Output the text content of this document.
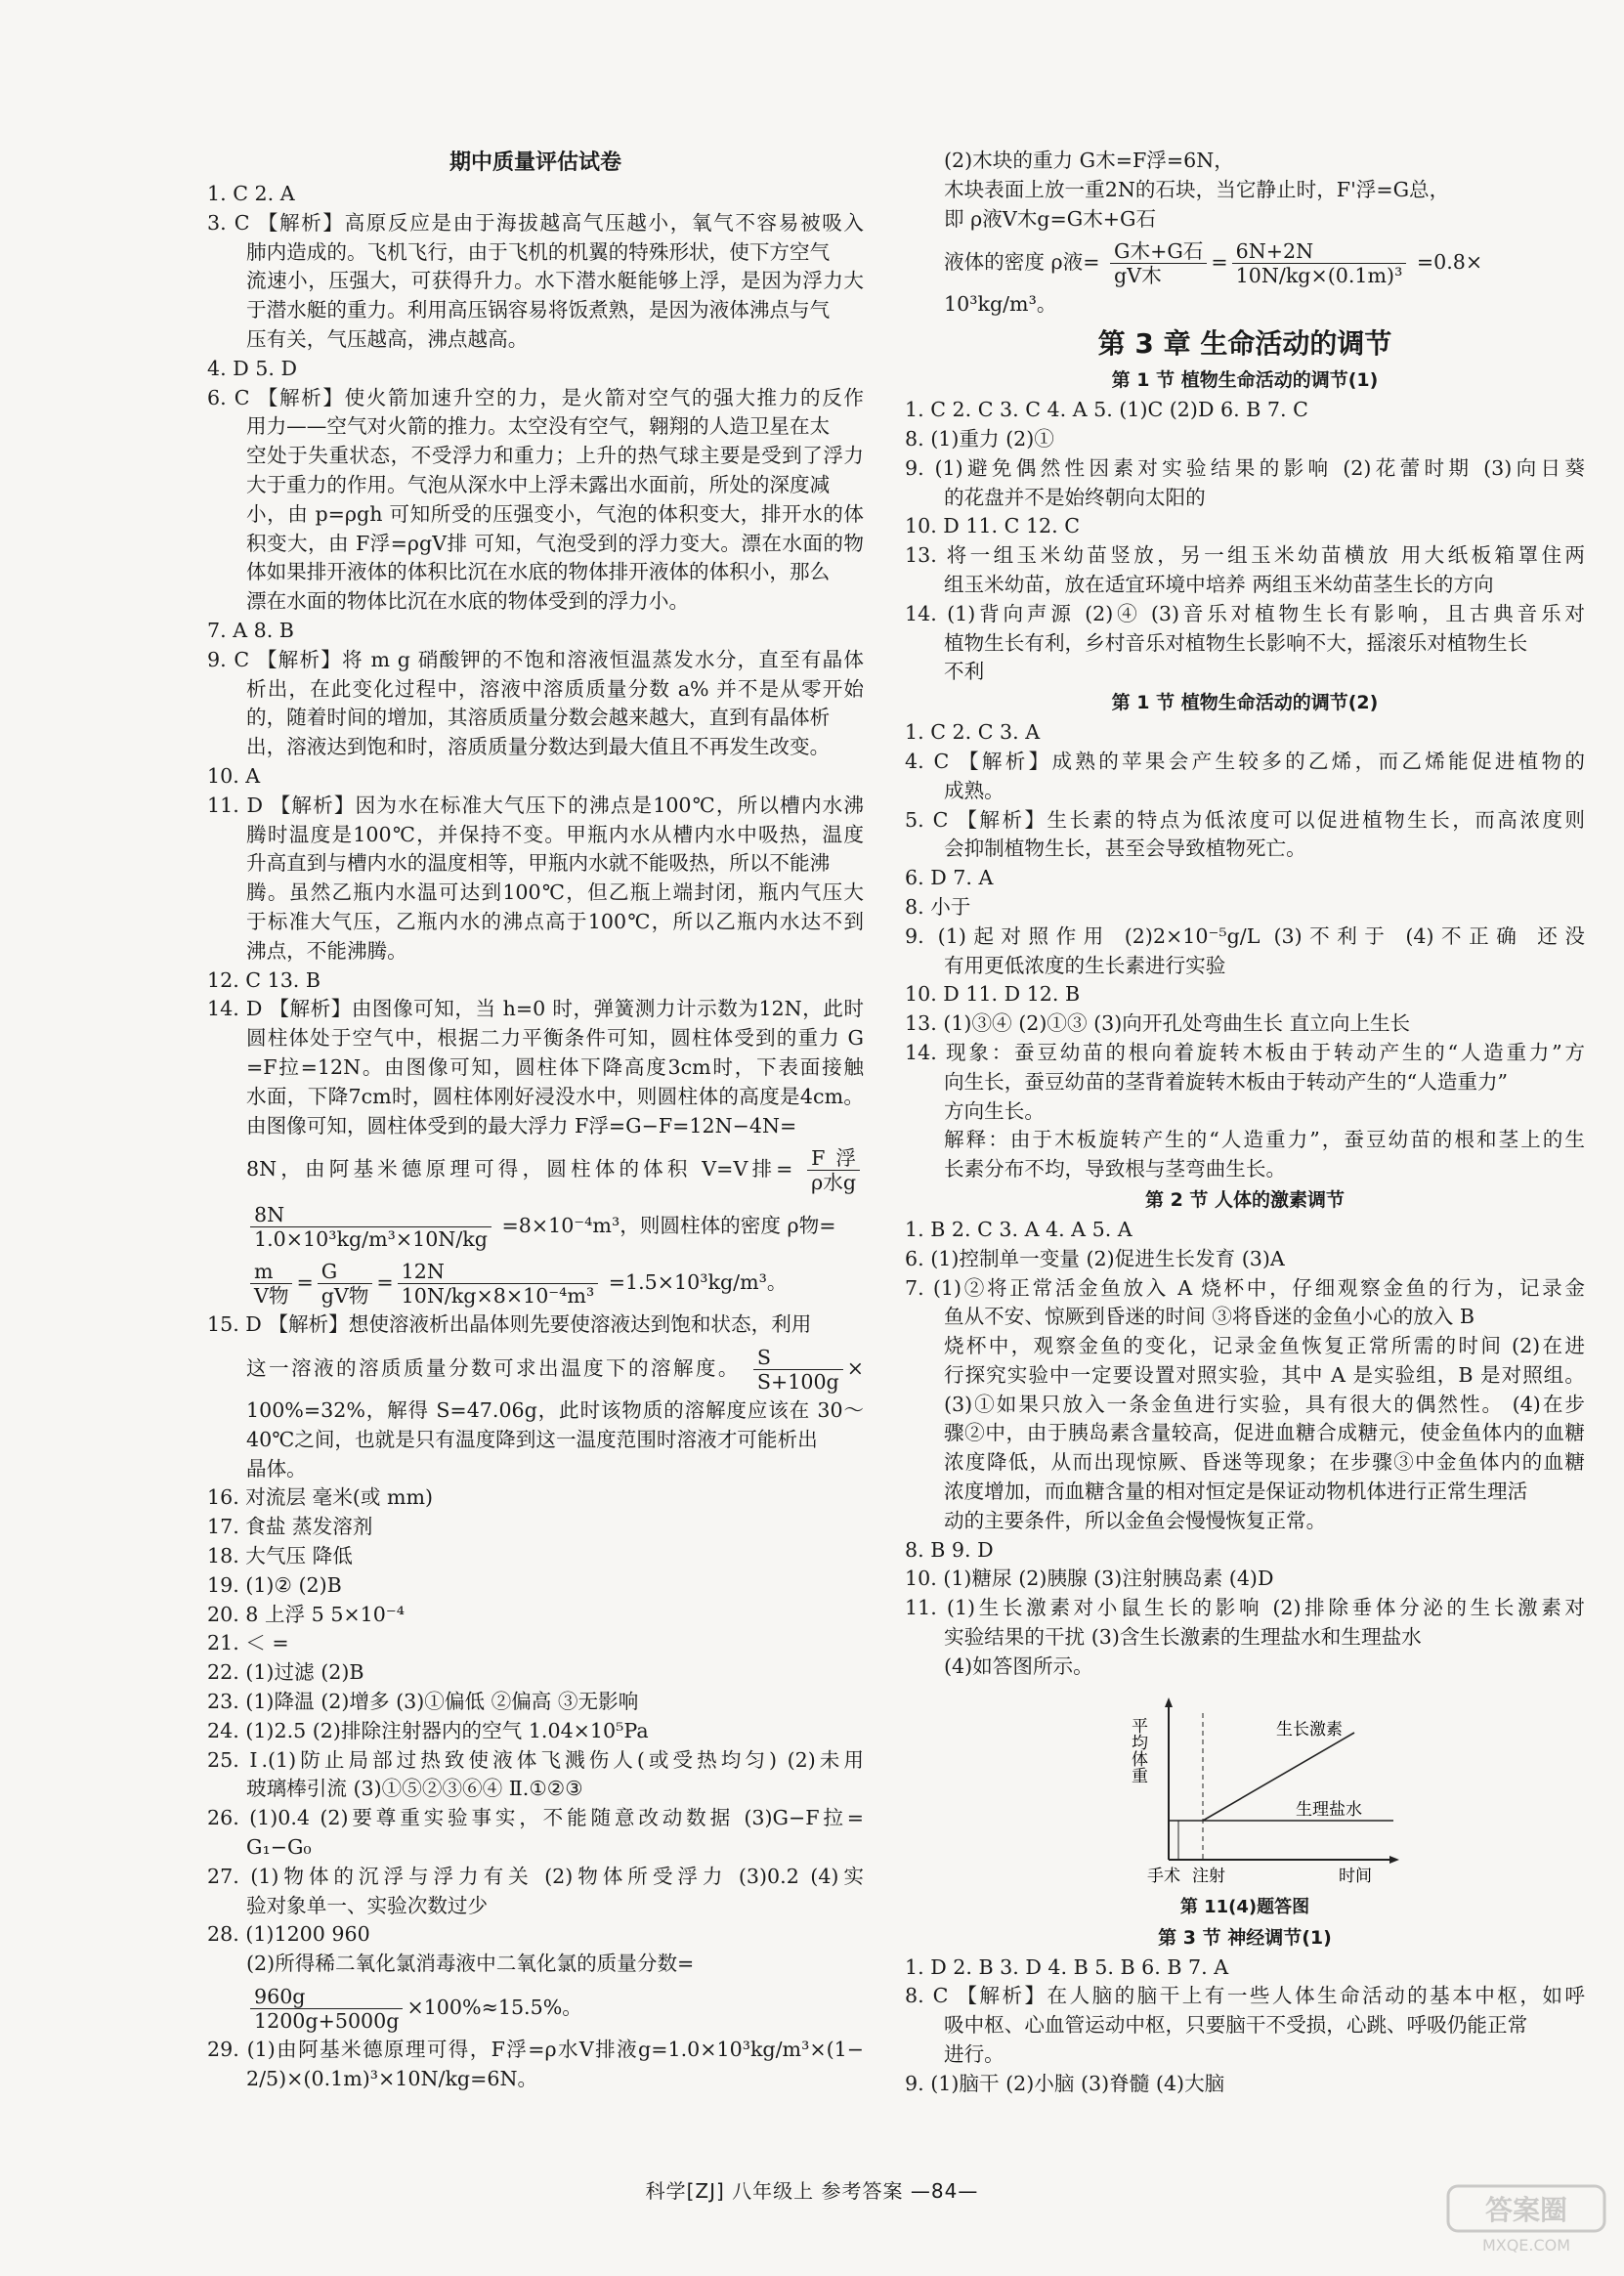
期中质量评估试卷
1. C 2. A
3. C 【解析】高原反应是由于海拔越高气压越小，氧气不容易被吸入
肺内造成的。飞机飞行，由于飞机的机翼的特殊形状，使下方空气
流速小，压强大，可获得升力。水下潜水艇能够上浮，是因为浮力大
于潜水艇的重力。利用高压锅容易将饭煮熟，是因为液体沸点与气
压有关，气压越高，沸点越高。
4. D 5. D
6. C 【解析】使火箭加速升空的力，是火箭对空气的强大推力的反作
用力——空气对火箭的推力。太空没有空气，翱翔的人造卫星在太
空处于失重状态，不受浮力和重力；上升的热气球主要是受到了浮力
大于重力的作用。气泡从深水中上浮未露出水面前，所处的深度减
小，由 p=ρgh 可知所受的压强变小，气泡的体积变大，排开水的体
积变大，由 F浮=ρgV排 可知，气泡受到的浮力变大。漂在水面的物
体如果排开液体的体积比沉在水底的物体排开液体的体积小，那么
漂在水面的物体比沉在水底的物体受到的浮力小。
7. A 8. B
9. C 【解析】将 m g 硝酸钾的不饱和溶液恒温蒸发水分，直至有晶体
析出，在此变化过程中，溶液中溶质质量分数 a% 并不是从零开始
的，随着时间的增加，其溶质质量分数会越来越大，直到有晶体析
出，溶液达到饱和时，溶质质量分数达到最大值且不再发生改变。
10. A
11. D 【解析】因为水在标准大气压下的沸点是100℃，所以槽内水沸
腾时温度是100℃，并保持不变。甲瓶内水从槽内水中吸热，温度
升高直到与槽内水的温度相等，甲瓶内水就不能吸热，所以不能沸
腾。虽然乙瓶内水温可达到100℃，但乙瓶上端封闭，瓶内气压大
于标准大气压，乙瓶内水的沸点高于100℃，所以乙瓶内水达不到
沸点，不能沸腾。
12. C 13. B
14. D 【解析】由图像可知，当 h=0 时，弹簧测力计示数为12N，此时
圆柱体处于空气中，根据二力平衡条件可知，圆柱体受到的重力 G
=F拉=12N。由图像可知，圆柱体下降高度3cm时，下表面接触
水面，下降7cm时，圆柱体刚好浸没水中，则圆柱体的高度是4cm。
由图像可知，圆柱体受到的最大浮力 F浮=G−F=12N−4N=
8N，由阿基米德原理可得，圆柱体的体积 V=V排= $\frac{\text{F浮}}{\text{ρ水g}}$
$\frac{8N}{\text{1.0×10³kg/m³×10N/kg}} =8\times 10^{-4}m^3$，则圆柱体的密度 ρ物=
$\frac{m}{\text{V物}} = \frac{G}{\text{gV物}} = \frac{12N}{\text{10N/kg×8×10⁻⁴m³}} =1.5\times 10^3kg/m^3$。
15. D 【解析】想使溶液析出晶体则先要使溶液达到饱和状态，利用
这一溶液的溶质质量分数可求出温度下的溶解度。 $\frac{S}{S+100g}$ ×
100%=32%，解得 S=47.06g，此时该物质的溶解度应该在 30～
40℃之间，也就是只有温度降到这一温度范围时溶液才可能析出
晶体。
16. 对流层 毫米(或 mm)
17. 食盐 蒸发溶剂
18. 大气压 降低
19. (1)② (2)B
20. 8 上浮 5 5×10⁻⁴
21. ＜ =
22. (1)过滤 (2)B
23. (1)降温 (2)增多 (3)①偏低 ②偏高 ③无影响
24. (1)2.5 (2)排除注射器内的空气 1.04×10⁵Pa
25. Ⅰ.(1)防止局部过热致使液体飞溅伤人(或受热均匀) (2)未用
玻璃棒引流 (3)①⑤②③⑥④ Ⅱ.①②③
26. (1)0.4 (2)要尊重实验事实，不能随意改动数据 (3)G−F拉=
G₁−G₀
27. (1)物体的沉浮与浮力有关 (2)物体所受浮力 (3)0.2 (4)实
验对象单一、实验次数过少
28. (1)1200 960
(2)所得稀二氧化氯消毒液中二氧化氯的质量分数=
$\frac{960g}{1200g+5000g} \times 100\%\approx 15.5\%$。
29. (1)由阿基米德原理可得，F浮=ρ水V排液g=1.0×10³kg/m³×(1−
2/5)×(0.1m)³×10N/kg=6N。
(2)木块的重力 G木=F浮=6N，
木块表面上放一重2N的石块，当它静止时，F'浮=G总，
即 ρ液V木g=G木+G石
液体的密度 ρ液= $\frac{\text{G木+G石}}{\text{gV木}} = \frac{6N+2N}{\text{10N/kg×(0.1m)³}} =0.8\times$
10³kg/m³。
第 3 章 生命活动的调节
第 1 节 植物生命活动的调节(1)
1. C 2. C 3. C 4. A 5. (1)C (2)D 6. B 7. C
8. (1)重力 (2)①
9. (1)避免偶然性因素对实验结果的影响 (2)花蕾时期 (3)向日葵
的花盘并不是始终朝向太阳的
10. D 11. C 12. C
13. 将一组玉米幼苗竖放，另一组玉米幼苗横放 用大纸板箱罩住两
组玉米幼苗，放在适宜环境中培养 两组玉米幼苗茎生长的方向
14. (1)背向声源 (2)④ (3)音乐对植物生长有影响，且古典音乐对
植物生长有利，乡村音乐对植物生长影响不大，摇滚乐对植物生长
不利
第 1 节 植物生命活动的调节(2)
1. C 2. C 3. A
4. C 【解析】成熟的苹果会产生较多的乙烯，而乙烯能促进植物的
成熟。
5. C 【解析】生长素的特点为低浓度可以促进植物生长，而高浓度则
会抑制植物生长，甚至会导致植物死亡。
6. D 7. A
8. 小于
9. (1)起对照作用 (2)2×10⁻⁵g/L (3)不利于 (4)不正确 还没
有用更低浓度的生长素进行实验
10. D 11. D 12. B
13. (1)③④ (2)①③ (3)向开孔处弯曲生长 直立向上生长
14. 现象：蚕豆幼苗的根向着旋转木板由于转动产生的“人造重力”方
向生长，蚕豆幼苗的茎背着旋转木板由于转动产生的“人造重力”
方向生长。
解释：由于木板旋转产生的“人造重力”，蚕豆幼苗的根和茎上的生
长素分布不均，导致根与茎弯曲生长。
第 2 节 人体的激素调节
1. B 2. C 3. A 4. A 5. A
6. (1)控制单一变量 (2)促进生长发育 (3)A
7. (1)②将正常活金鱼放入 A 烧杯中，仔细观察金鱼的行为，记录金
鱼从不安、惊厥到昏迷的时间 ③将昏迷的金鱼小心的放入 B
烧杯中，观察金鱼的变化，记录金鱼恢复正常所需的时间 (2)在进
行探究实验中一定要设置对照实验，其中 A 是实验组，B 是对照组。
(3)①如果只放入一条金鱼进行实验，具有很大的偶然性。 (4)在步
骤②中，由于胰岛素含量较高，促进血糖合成糖元，使金鱼体内的血糖
浓度降低，从而出现惊厥、昏迷等现象；在步骤③中金鱼体内的血糖
浓度增加，而血糖含量的相对恒定是保证动物机体进行正常生理活
动的主要条件，所以金鱼会慢慢恢复正常。
8. B 9. D
10. (1)糖尿 (2)胰腺 (3)注射胰岛素 (4)D
11. (1)生长激素对小鼠生长的影响 (2)排除垂体分泌的生长激素对
实验结果的干扰 (3)含生长激素的生理盐水和生理盐水
(4)如答图所示。
平均体重	生长激素
生理盐水
时间
手术 注射
第 11(4)题答图
第 3 节 神经调节(1)
1. D 2. B 3. D 4. B 5. B 6. B 7. A
8. C 【解析】在人脑的脑干上有一些人体生命活动的基本中枢，如呼
吸中枢、心血管运动中枢，只要脑干不受损，心跳、呼吸仍能正常
进行。
9. (1)脑干 (2)小脑 (3)脊髓 (4)大脑
科学[ZJ] 八年级上 参考答案 —84—
答案圈
MXQE.COM
